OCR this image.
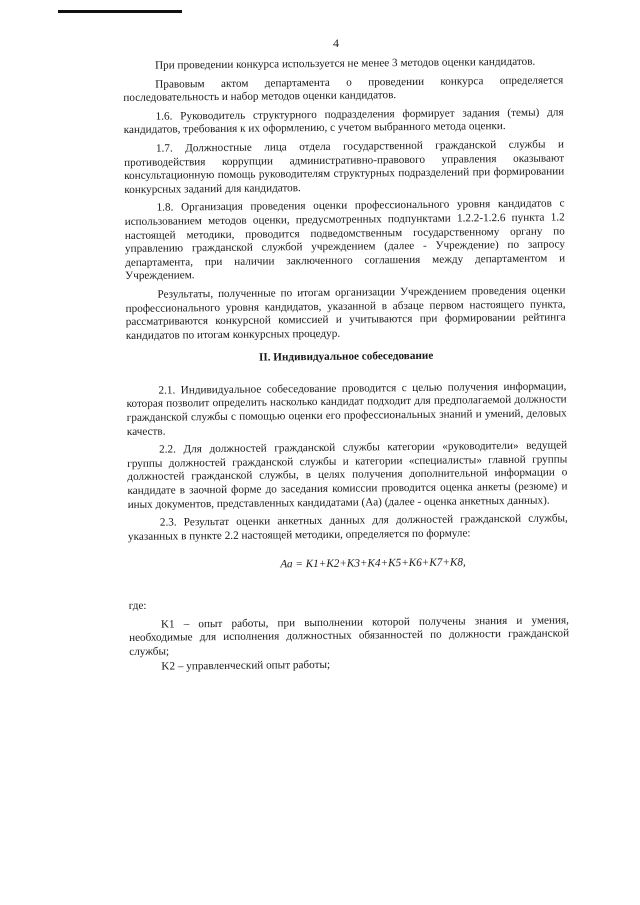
4

При проведении конкурса используется не менее 3 методов оценки кандидатов.

Правовым актом департамента о проведении конкурса определяется последовательность и набор методов оценки кандидатов.

1.6. Руководитель структурного подразделения формирует задания (темы) для кандидатов, требования к их оформлению, с учетом выбранного метода оценки.

1.7. Должностные лица отдела государственной гражданской службы и противодействия коррупции административно-правового управления оказывают консультационную помощь руководителям структурных подразделений при формировании конкурсных заданий для кандидатов.

1.8. Организация проведения оценки профессионального уровня кандидатов с использованием методов оценки, предусмотренных подпунктами 1.2.2-1.2.6 пункта 1.2 настоящей методики, проводится подведомственным государственному органу по управлению гражданской службой учреждением (далее - Учреждение) по запросу департамента, при наличии заключенного соглашения между департаментом и Учреждением.

Результаты, полученные по итогам организации Учреждением проведения оценки профессионального уровня кандидатов, указанной в абзаце первом настоящего пункта, рассматриваются конкурсной комиссией и учитываются при формировании рейтинга кандидатов по итогам конкурсных процедур.

II. Индивидуальное собеседование

2.1. Индивидуальное собеседование проводится с целью получения информации, которая позволит определить насколько кандидат подходит для предполагаемой должности гражданской службы с помощью оценки его профессиональных знаний и умений, деловых качеств.

2.2. Для должностей гражданской службы категории «руководители» ведущей группы должностей гражданской службы и категории «специалисты» главной группы должностей гражданской службы, в целях получения дополнительной информации о кандидате в заочной форме до заседания комиссии проводится оценка анкеты (резюме) и иных документов, представленных кандидатами (Аа) (далее - оценка анкетных данных).

2.3. Результат оценки анкетных данных для должностей гражданской службы, указанных в пункте 2.2 настоящей методики, определяется по формуле:

Аа = K1+K2+K3+K4+K5+K6+K7+K8,

где:

K1 – опыт работы, при выполнении которой получены знания и умения, необходимые для исполнения должностных обязанностей по должности гражданской службы;

K2 – управленческий опыт работы;
